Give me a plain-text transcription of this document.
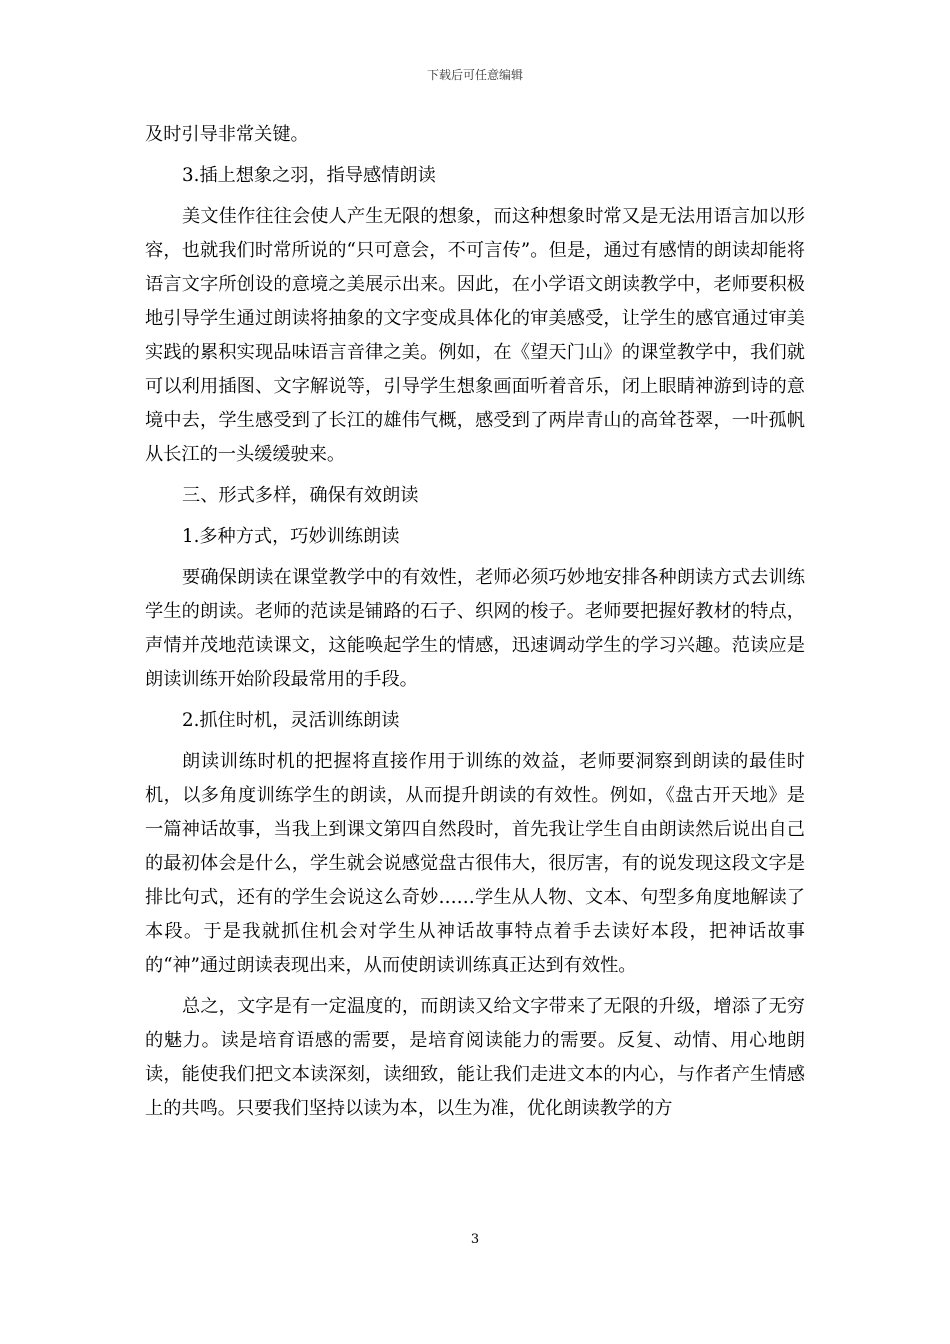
下载后可任意编辑

及时引导非常关键。

3.插上想象之羽，指导感情朗读

美文佳作往往会使人产生无限的想象，而这种想象时常又是无法用语言加以形容，也就我们时常所说的“只可意会，不可言传”。但是，通过有感情的朗读却能将语言文字所创设的意境之美展示出来。因此，在小学语文朗读教学中，老师要积极地引导学生通过朗读将抽象的文字变成具体化的审美感受，让学生的感官通过审美实践的累积实现品味语言音律之美。例如，在《望天门山》的课堂教学中，我们就可以利用插图、文字解说等，引导学生想象画面听着音乐，闭上眼睛神游到诗的意境中去，学生感受到了长江的雄伟气概，感受到了两岸青山的高耸苍翠，一叶孤帆从长江的一头缓缓驶来。

三、形式多样，确保有效朗读

1.多种方式，巧妙训练朗读

要确保朗读在课堂教学中的有效性，老师必须巧妙地安排各种朗读方式去训练学生的朗读。老师的范读是铺路的石子、织网的梭子。老师要把握好教材的特点，声情并茂地范读课文，这能唤起学生的情感，迅速调动学生的学习兴趣。范读应是朗读训练开始阶段最常用的手段。

2.抓住时机，灵活训练朗读

朗读训练时机的把握将直接作用于训练的效益，老师要洞察到朗读的最佳时机，以多角度训练学生的朗读，从而提升朗读的有效性。例如，《盘古开天地》是一篇神话故事，当我上到课文第四自然段时，首先我让学生自由朗读然后说出自己的最初体会是什么，学生就会说感觉盘古很伟大，很厉害，有的说发现这段文字是排比句式，还有的学生会说这么奇妙……学生从人物、文本、句型多角度地解读了本段。于是我就抓住机会对学生从神话故事特点着手去读好本段，把神话故事的“神”通过朗读表现出来，从而使朗读训练真正达到有效性。

总之，文字是有一定温度的，而朗读又给文字带来了无限的升级，增添了无穷的魅力。读是培育语感的需要，是培育阅读能力的需要。反复、动情、用心地朗读，能使我们把文本读深刻，读细致，能让我们走进文本的内心，与作者产生情感上的共鸣。只要我们坚持以读为本，以生为准，优化朗读教学的方

3
